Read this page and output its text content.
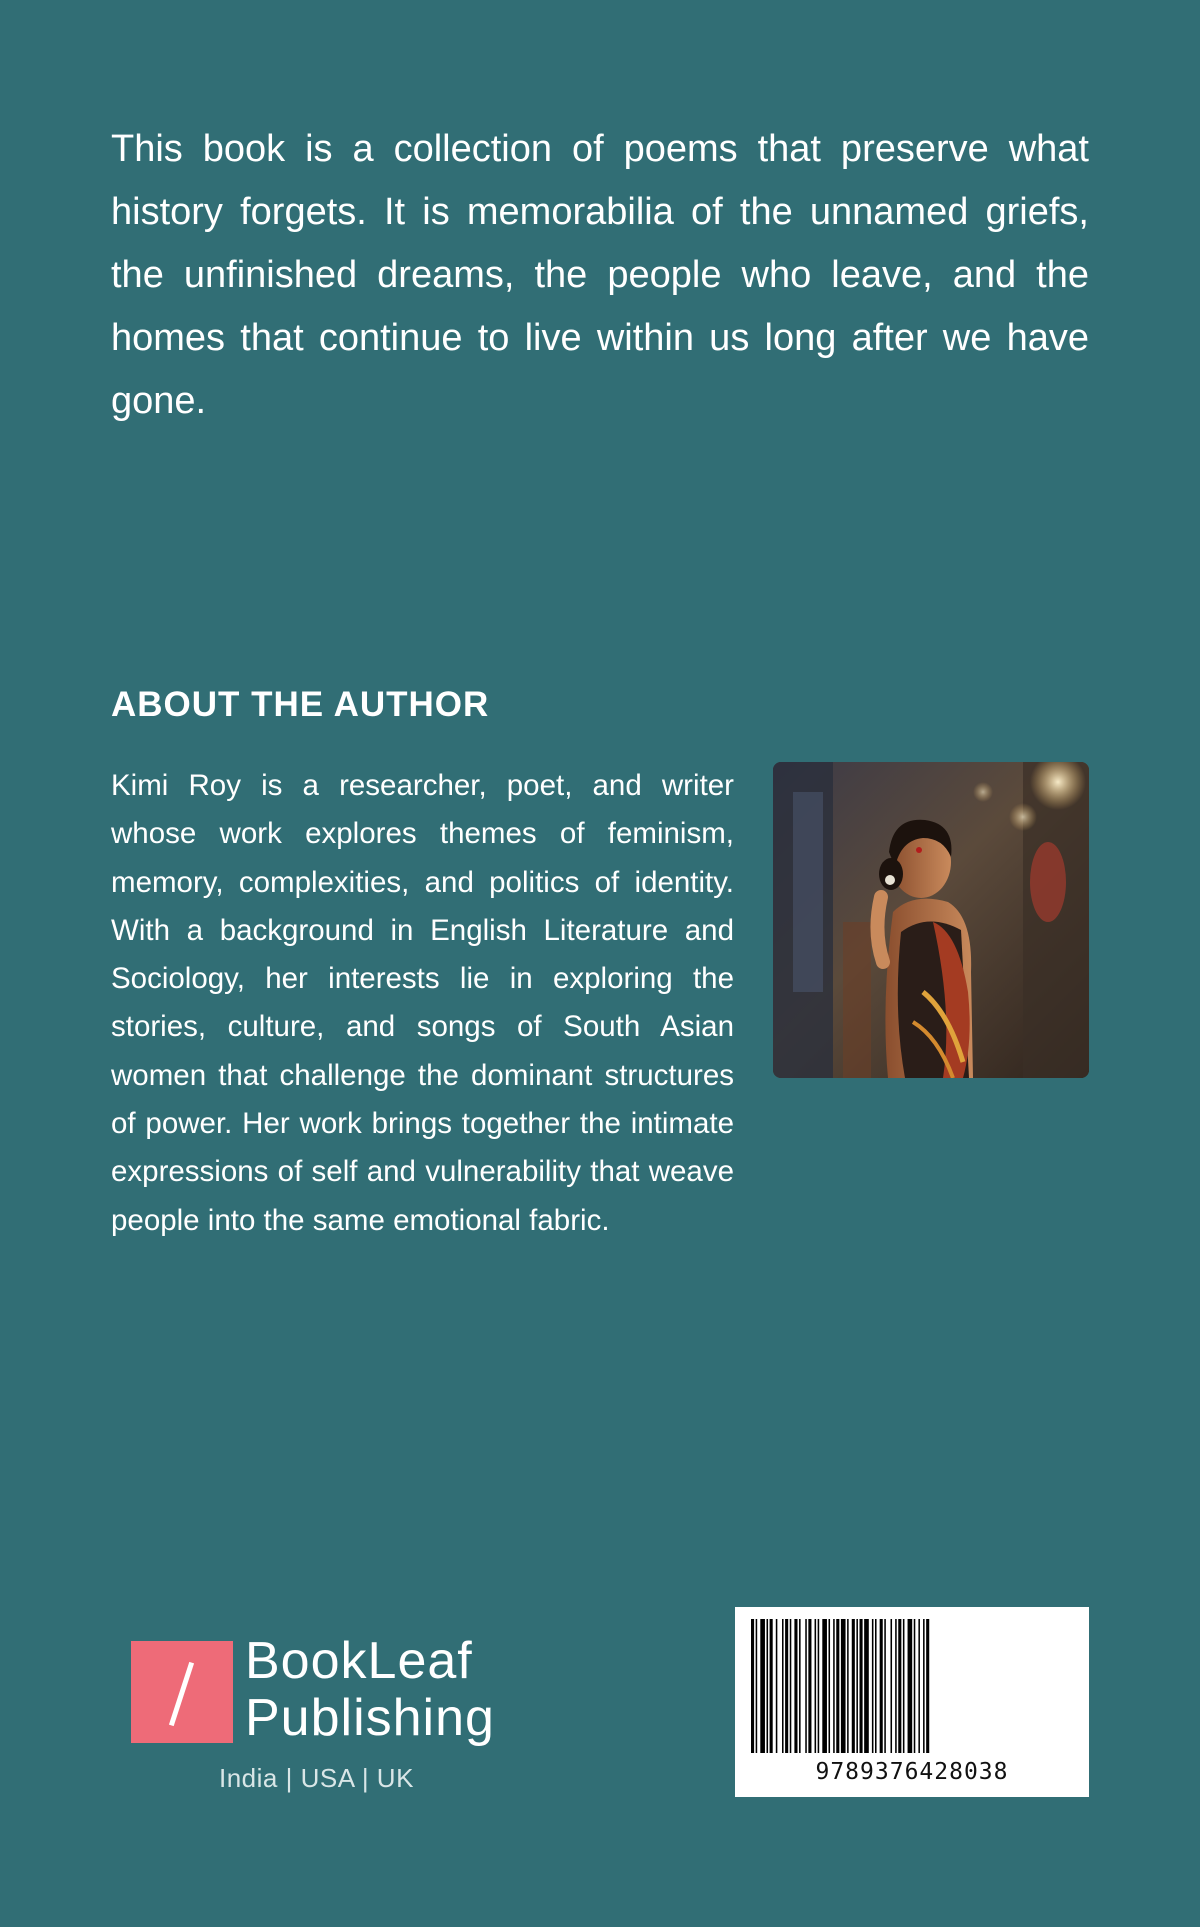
This book is a collection of poems that preserve what history forgets. It is memorabilia of the unnamed griefs, the unfinished dreams, the people who leave, and the homes that continue to live within us long after we have gone.

ABOUT THE AUTHOR

Kimi Roy is a researcher, poet, and writer whose work explores themes of feminism, memory, complexities, and politics of identity. With a background in English Literature and Sociology, her interests lie in exploring the stories, culture, and songs of South Asian women that challenge the dominant structures of power. Her work brings together the intimate expressions of self and vulnerability that weave people into the same emotional fabric.

BookLeaf
Publishing
India | USA | UK	9789376428038
